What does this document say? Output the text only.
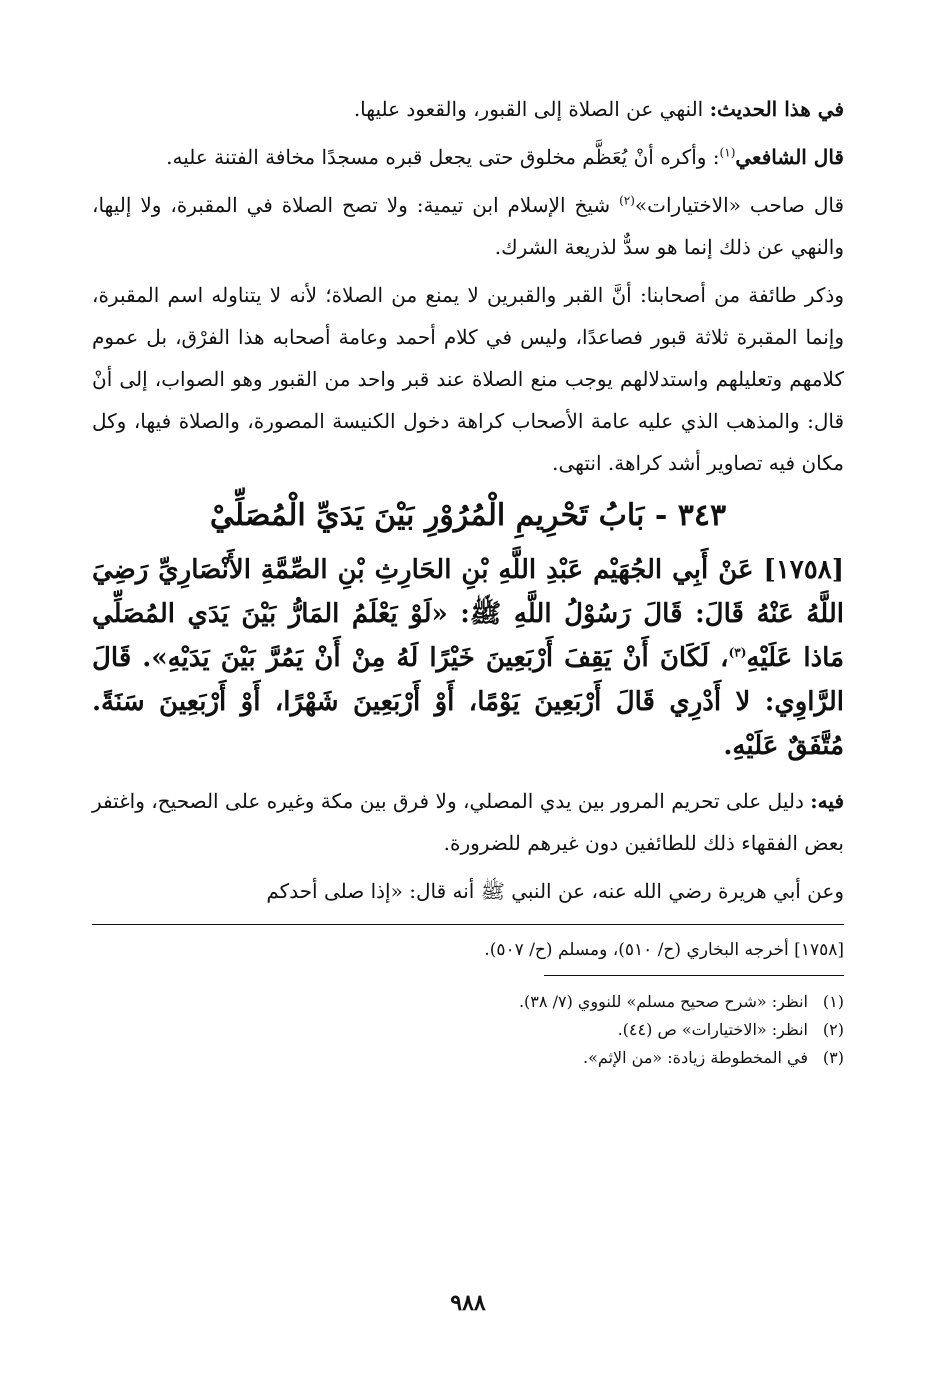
في هذا الحديث: النهي عن الصلاة إلى القبور، والقعود عليها.

قال الشافعي$^{(١)}$: وأكره أنْ يُعَظَّم مخلوق حتى يجعل قبره مسجدًا مخافة الفتنة عليه.

قال صاحب «الاختيارات»$^{(٢)}$ شيخ الإسلام ابن تيمية: ولا تصح الصلاة في المقبرة، ولا إليها، والنهي عن ذلك إنما هو سدٌّ لذريعة الشرك.

وذكر طائفة من أصحابنا: أنَّ القبر والقبرين لا يمنع من الصلاة؛ لأنه لا يتناوله اسم المقبرة، وإنما المقبرة ثلاثة قبور فصاعدًا، وليس في كلام أحمد وعامة أصحابه هذا الفرْق، بل عموم كلامهم وتعليلهم واستدلالهم يوجب منع الصلاة عند قبر واحد من القبور وهو الصواب، إلى أنْ قال: والمذهب الذي عليه عامة الأصحاب كراهة دخول الكنيسة المصورة، والصلاة فيها، وكل مكان فيه تصاوير أشد كراهة. انتهى.

٣٤٣ - بَابُ تَحْرِيمِ الْمُرُوْرِ بَيْنَ يَدَيِّ الْمُصَلِّيْ

[١٧٥٨] عَنْ أَبِي الجُهَيْم عَبْدِ اللَّهِ بْنِ الحَارِثِ بْنِ الصِّمَّةِ الأَنْصَارِيِّ رَضِيَ اللَّهُ عَنْهُ قَالَ: قَالَ رَسُوْلُ اللَّهِ ﷺ: «لَوْ يَعْلَمُ المَارُّ بَيْنَ يَدَي المُصَلِّي مَاذا عَلَيْهِ$^{(٣)}$، لَكَانَ أَنْ يَقِفَ أَرْبَعِينَ خَيْرًا لَهُ مِنْ أَنْ يَمُرَّ بَيْنَ يَدَيْهِ». قَالَ الرَّاوِي: لا أَدْرِي قَالَ أَرْبَعِينَ يَوْمًا، أَوْ أَرْبَعِينَ شَهْرًا، أَوْ أَرْبَعِينَ سَنَةً. مُتَّفَقٌ عَلَيْهِ.

فيه: دليل على تحريم المرور بين يدي المصلي، ولا فرق بين مكة وغيره على الصحيح، واغتفر بعض الفقهاء ذلك للطائفين دون غيرهم للضرورة.

وعن أبي هريرة رضي الله عنه، عن النبي ﷺ أنه قال: «إذا صلى أحدكم

[١٧٥٨] أخرجه البخاري (ح/ ٥١٠)، ومسلم (ح/ ٥٠٧).

(١)انظر: «شرح صحيح مسلم» للنووي (٧/ ٣٨).

(٢)انظر: «الاختيارات» ص (٤٤).

(٣)في المخطوطة زيادة: «من الإثم».

٩٨٨
